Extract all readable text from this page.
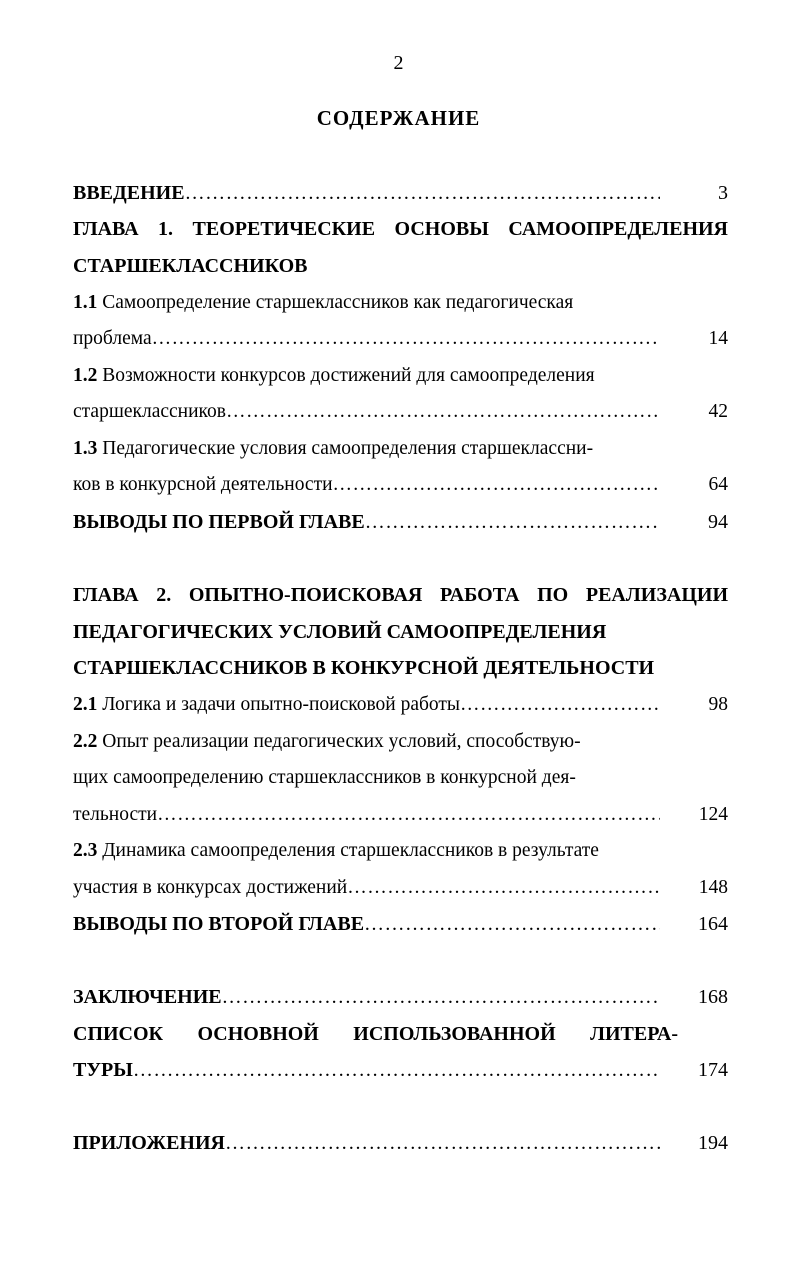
2
СОДЕРЖАНИЕ
ВВЕДЕНИЕ …………………………………………………………………………………………………………………………………………	3
ГЛАВА 1. ТЕОРЕТИЧЕСКИЕ ОСНОВЫ САМООПРЕДЕЛЕНИЯ
СТАРШЕКЛАССНИКОВ
1.1 Самоопределение старшеклассников как педагогическая
проблема …………………………………………………………………………………………………………………………………………	14
1.2 Возможности конкурсов достижений для самоопределения
старшеклассников …………………………………………………………………………………………………………………………………………	42
1.3 Педагогические условия самоопределения старшеклассни-
ков в конкурсной деятельности …………………………………………………………………………………………………………………………………………	64
ВЫВОДЫ ПО ПЕРВОЙ ГЛАВЕ …………………………………………………………………………………………………………………………………………	94
ГЛАВА 2. ОПЫТНО-ПОИСКОВАЯ РАБОТА ПО РЕАЛИЗАЦИИ
ПЕДАГОГИЧЕСКИХ УСЛОВИЙ САМООПРЕДЕЛЕНИЯ
СТАРШЕКЛАССНИКОВ В КОНКУРСНОЙ ДЕЯТЕЛЬНОСТИ
2.1 Логика и задачи опытно-поисковой работы …………………………………………………………………………………………………………………………………………	98
2.2 Опыт реализации педагогических условий, способствую-
щих самоопределению старшеклассников в конкурсной дея-
тельности …………………………………………………………………………………………………………………………………………	124
2.3 Динамика самоопределения старшеклассников в результате
участия в конкурсах достижений …………………………………………………………………………………………………………………………………………	148
ВЫВОДЫ ПО ВТОРОЙ ГЛАВЕ …………………………………………………………………………………………………………………………………………	164
ЗАКЛЮЧЕНИЕ …………………………………………………………………………………………………………………………………………	168
СПИСОК ОСНОВНОЙ ИСПОЛЬЗОВАННОЙ ЛИТЕРА-
ТУРЫ …………………………………………………………………………………………………………………………………………	174
ПРИЛОЖЕНИЯ …………………………………………………………………………………………………………………………………………	194
